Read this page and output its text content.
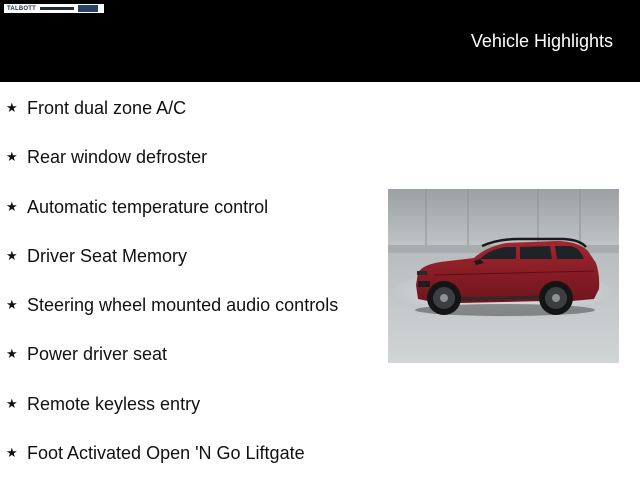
TALBOTT
Vehicle Highlights
★ Front dual zone A/C
★ Rear window defroster
★ Automatic temperature control
★ Driver Seat Memory
★ Steering wheel mounted audio controls
★ Power driver seat
★ Remote keyless entry
★ Foot Activated Open 'N Go Liftgate
